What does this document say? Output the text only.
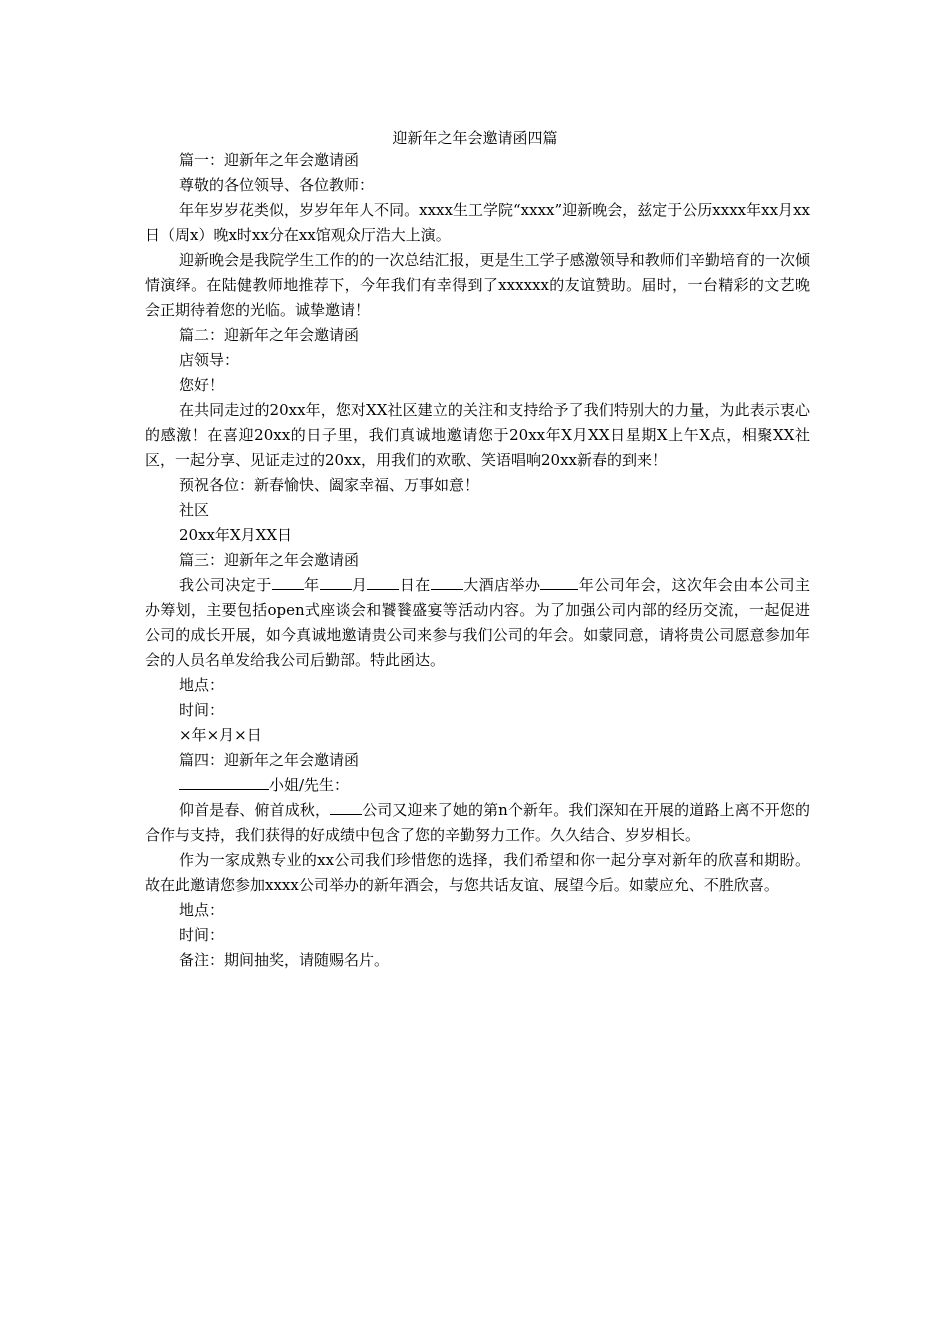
迎新年之年会邀请函四篇

篇一：迎新年之年会邀请函

尊敬的各位领导、各位教师：

年年岁岁花类似，岁岁年年人不同。xxxx生工学院“xxxx”迎新晚会，兹定于公历xxxx年xx月xx日（周x）晚x时xx分在xx馆观众厅浩大上演。

迎新晚会是我院学生工作的的一次总结汇报，更是生工学子感激领导和教师们辛勤培育的一次倾情演绎。在陆健教师地推荐下，今年我们有幸得到了xxxxxx的友谊赞助。届时，一台精彩的文艺晚会正期待着您的光临。诚挚邀请！

篇二：迎新年之年会邀请函

店领导：

您好！

在共同走过的20xx年，您对XX社区建立的关注和支持给予了我们特别大的力量，为此表示衷心的感激！在喜迎20xx的日子里，我们真诚地邀请您于20xx年X月XX日星期X上午X点，相聚XX社区，一起分享、见证走过的20xx，用我们的欢歌、笑语唱响20xx新春的到来！

预祝各位：新春愉快、阖家幸福、万事如意！

社区

20xx年X月XX日

篇三：迎新年之年会邀请函

我公司决定于 年 月 日在 大酒店举办	年公司年会，这次年会由本公司主办筹划，主要包括open式座谈会和饕餮盛宴等活动内容。为了加强公司内部的经历交流，一起促进公司的成长开展，如今真诚地邀请贵公司来参与我们公司的年会。如蒙同意，请将贵公司愿意参加年会的人员名单发给我公司后勤部。特此函达。

地点：

时间：

×年×月×日

篇四：迎新年之年会邀请函

小姐/先生：

仰首是春、俯首成秋， 公司又迎来了她的第n个新年。我们深知在开展的道路上离不开您的合作与支持，我们获得的好成绩中包含了您的辛勤努力工作。久久结合、岁岁相长。

作为一家成熟专业的xx公司我们珍惜您的选择，我们希望和你一起分享对新年的欣喜和期盼。故在此邀请您参加xxxx公司举办的新年酒会，与您共话友谊、展望今后。如蒙应允、不胜欣喜。

地点：

时间：

备注：期间抽奖，请随赐名片。
